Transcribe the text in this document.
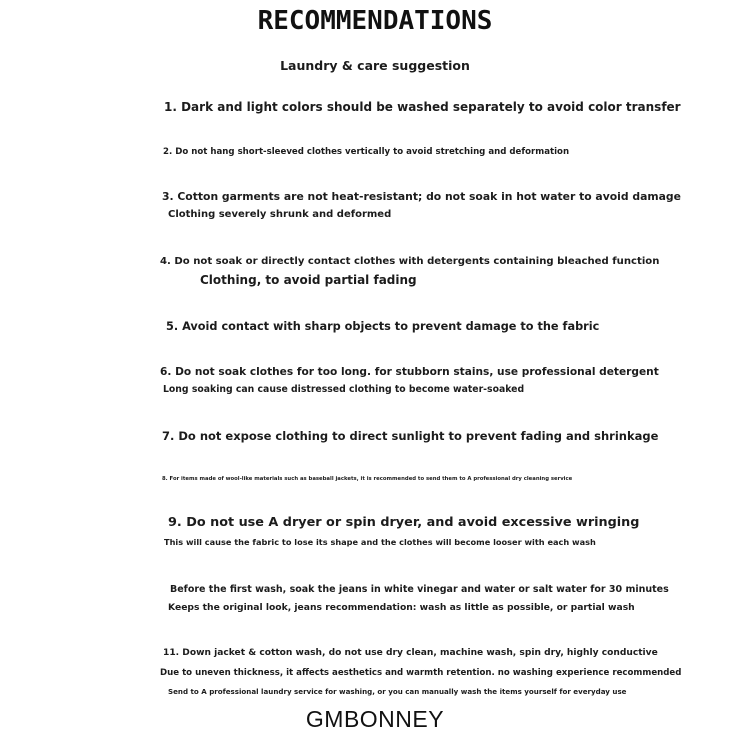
RECOMMENDATIONS
Laundry & care suggestion
1. Dark and light colors should be washed separately to avoid color transfer
2. Do not hang short-sleeved clothes vertically to avoid stretching and deformation
3. Cotton garments are not heat-resistant; do not soak in hot water to avoid damage
Clothing severely shrunk and deformed
4. Do not soak or directly contact clothes with detergents containing bleached function
Clothing, to avoid partial fading
5. Avoid contact with sharp objects to prevent damage to the fabric
6. Do not soak clothes for too long. for stubborn stains, use professional detergent
Long soaking can cause distressed clothing to become water-soaked
7. Do not expose clothing to direct sunlight to prevent fading and shrinkage
8. For items made of wool-like materials such as baseball jackets, it is recommended to send them to A professional dry cleaning service
9. Do not use A dryer or spin dryer, and avoid excessive wringing
This will cause the fabric to lose its shape and the clothes will become looser with each wash
Before the first wash, soak the jeans in white vinegar and water or salt water for 30 minutes
Keeps the original look, jeans recommendation: wash as little as possible, or partial wash
11. Down jacket & cotton wash, do not use dry clean, machine wash, spin dry, highly conductive
Due to uneven thickness, it affects aesthetics and warmth retention. no washing experience recommended
Send to A professional laundry service for washing, or you can manually wash the items yourself for everyday use
GMBONNEY
